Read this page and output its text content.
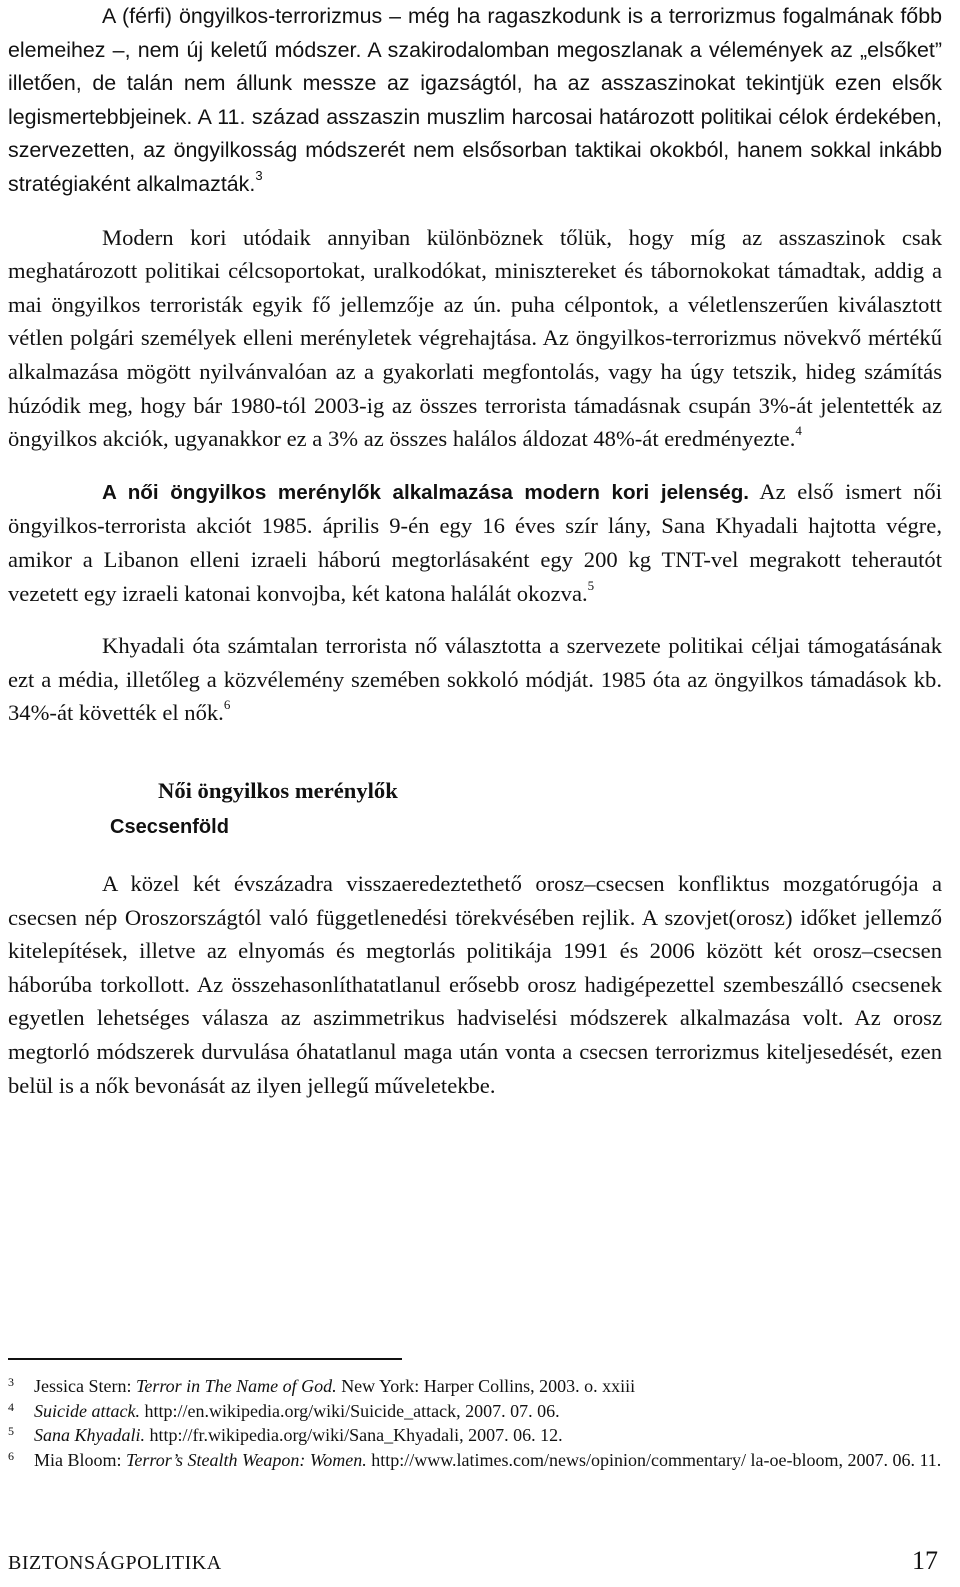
A (férfi) öngyilkos-terrorizmus – még ha ragaszkodunk is a terrorizmus fogalmának főbb elemeihez –, nem új keletű módszer. A szakirodalomban megoszlanak a vélemények az „elsőket” illetően, de talán nem állunk messze az igazságtól, ha az asszaszinokat tekintjük ezen elsők legismertebbjeinek. A 11. század asszaszin muszlim harcosai határozott politikai célok érdekében, szervezetten, az öngyilkosság módszerét nem elsősorban taktikai okokból, hanem sokkal inkább stratégiaként alkalmazták.$^3$

Modern kori utódaik annyiban különböznek tőlük, hogy míg az asszaszinok csak meghatározott politikai célcsoportokat, uralkodókat, minisztereket és tábornokokat támadtak, addig a mai öngyilkos terroristák egyik fő jellemzője az ún. puha célpontok, a véletlenszerűen kiválasztott vétlen polgári személyek elleni merényletek végrehajtása. Az öngyilkos-terrorizmus növekvő mértékű alkalmazása mögött nyilvánvalóan az a gyakorlati megfontolás, vagy ha úgy tetszik, hideg számítás húzódik meg, hogy bár 1980-tól 2003-ig az összes terrorista támadásnak csupán 3%-át jelentették az öngyilkos akciók, ugyanakkor ez a 3% az összes halálos áldozat 48%-át eredményezte.$^4$

A női öngyilkos merénylők alkalmazása modern kori jelenség. Az első ismert női öngyilkos-terrorista akciót 1985. április 9-én egy 16 éves szír lány, Sana Khyadali hajtotta végre, amikor a Libanon elleni izraeli háború megtorlásaként egy 200 kg TNT-vel megrakott teherautót vezetett egy izraeli katonai konvojba, két katona halálát okozva.$^5$

Khyadali óta számtalan terrorista nő választotta a szervezete politikai céljai támogatásának ezt a média, illetőleg a közvélemény szemében sokkoló módját. 1985 óta az öngyilkos támadások kb. 34%-át követték el nők.$^6$

Női öngyilkos merénylők
Csecsenföld

A közel két évszázadra visszaeredeztethető orosz–csecsen konfliktus mozgatórugója a csecsen nép Oroszországtól való függetlenedési törekvésében rejlik. A szovjet(orosz) időket jellemző kitelepítések, illetve az elnyomás és megtorlás politikája 1991 és 2006 között két orosz–csecsen háborúba torkollott. Az összehasonlíthatatlanul erősebb orosz hadigépezettel szembeszálló csecsenek egyetlen lehetséges válasza az aszimmetrikus hadviselési módszerek alkalmazása volt. Az orosz megtorló módszerek durvulása óhatatlanul maga után vonta a csecsen terrorizmus kiteljesedését, ezen belül is a nők bevonását az ilyen jellegű műveletekbe.

3	Jessica Stern: Terror in The Name of God. New York: Harper Collins, 2003. o. xxiii
4	Suicide attack. http://en.wikipedia.org/wiki/Suicide_attack, 2007. 07. 06.
5	Sana Khyadali. http://fr.wikipedia.org/wiki/Sana_Khyadali, 2007. 06. 12.
6	Mia Bloom: Terror’s Stealth Weapon: Women. http://www.latimes.com/news/opinion/commentary/ la-oe-bloom, 2007. 06. 11.
BIZTONSÁGPOLITIKA	17
